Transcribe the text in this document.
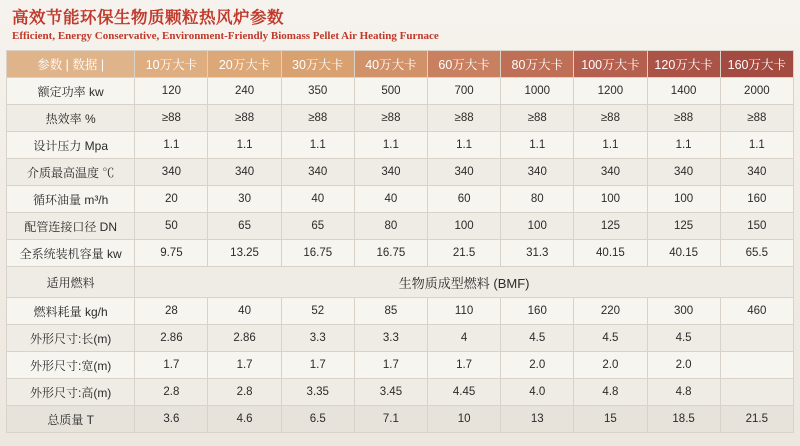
高效节能环保生物质颗粒热风炉参数
Efficient, Energy Conservative, Environment-Friendly Biomass Pellet Air Heating Furnace
参数 | 数据 |	10万大卡	20万大卡	30万大卡	40万大卡	60万大卡	80万大卡	100万大卡	120万大卡	160万大卡
额定功率 kw	120	240	350	500	700	1000	1200	1400	2000
热效率 %	≥88	≥88	≥88	≥88	≥88	≥88	≥88	≥88	≥88
设计压力 Mpa	1.1	1.1	1.1	1.1	1.1	1.1	1.1	1.1	1.1
介质最高温度 ℃	340	340	340	340	340	340	340	340	340
循环油量 m³/h	20	30	40	40	60	80	100	100	160
配管连接口径 DN	50	65	65	80	100	100	125	125	150
全系统装机容量 kw	9.75	13.25	16.75	16.75	21.5	31.3	40.15	40.15	65.5
适用燃料	生物质成型燃料 (BMF)								
燃料耗量 kg/h	28	40	52	85	110	160	220	300	460
外形尺寸:长(m)	2.86	2.86	3.3	3.3	4	4.5	4.5	4.5	
外形尺寸:宽(m)	1.7	1.7	1.7	1.7	1.7	2.0	2.0	2.0	
外形尺寸:高(m)	2.8	2.8	3.35	3.45	4.45	4.0	4.8	4.8	
总质量 T	3.6	4.6	6.5	7.1	10	13	15	18.5	21.5
